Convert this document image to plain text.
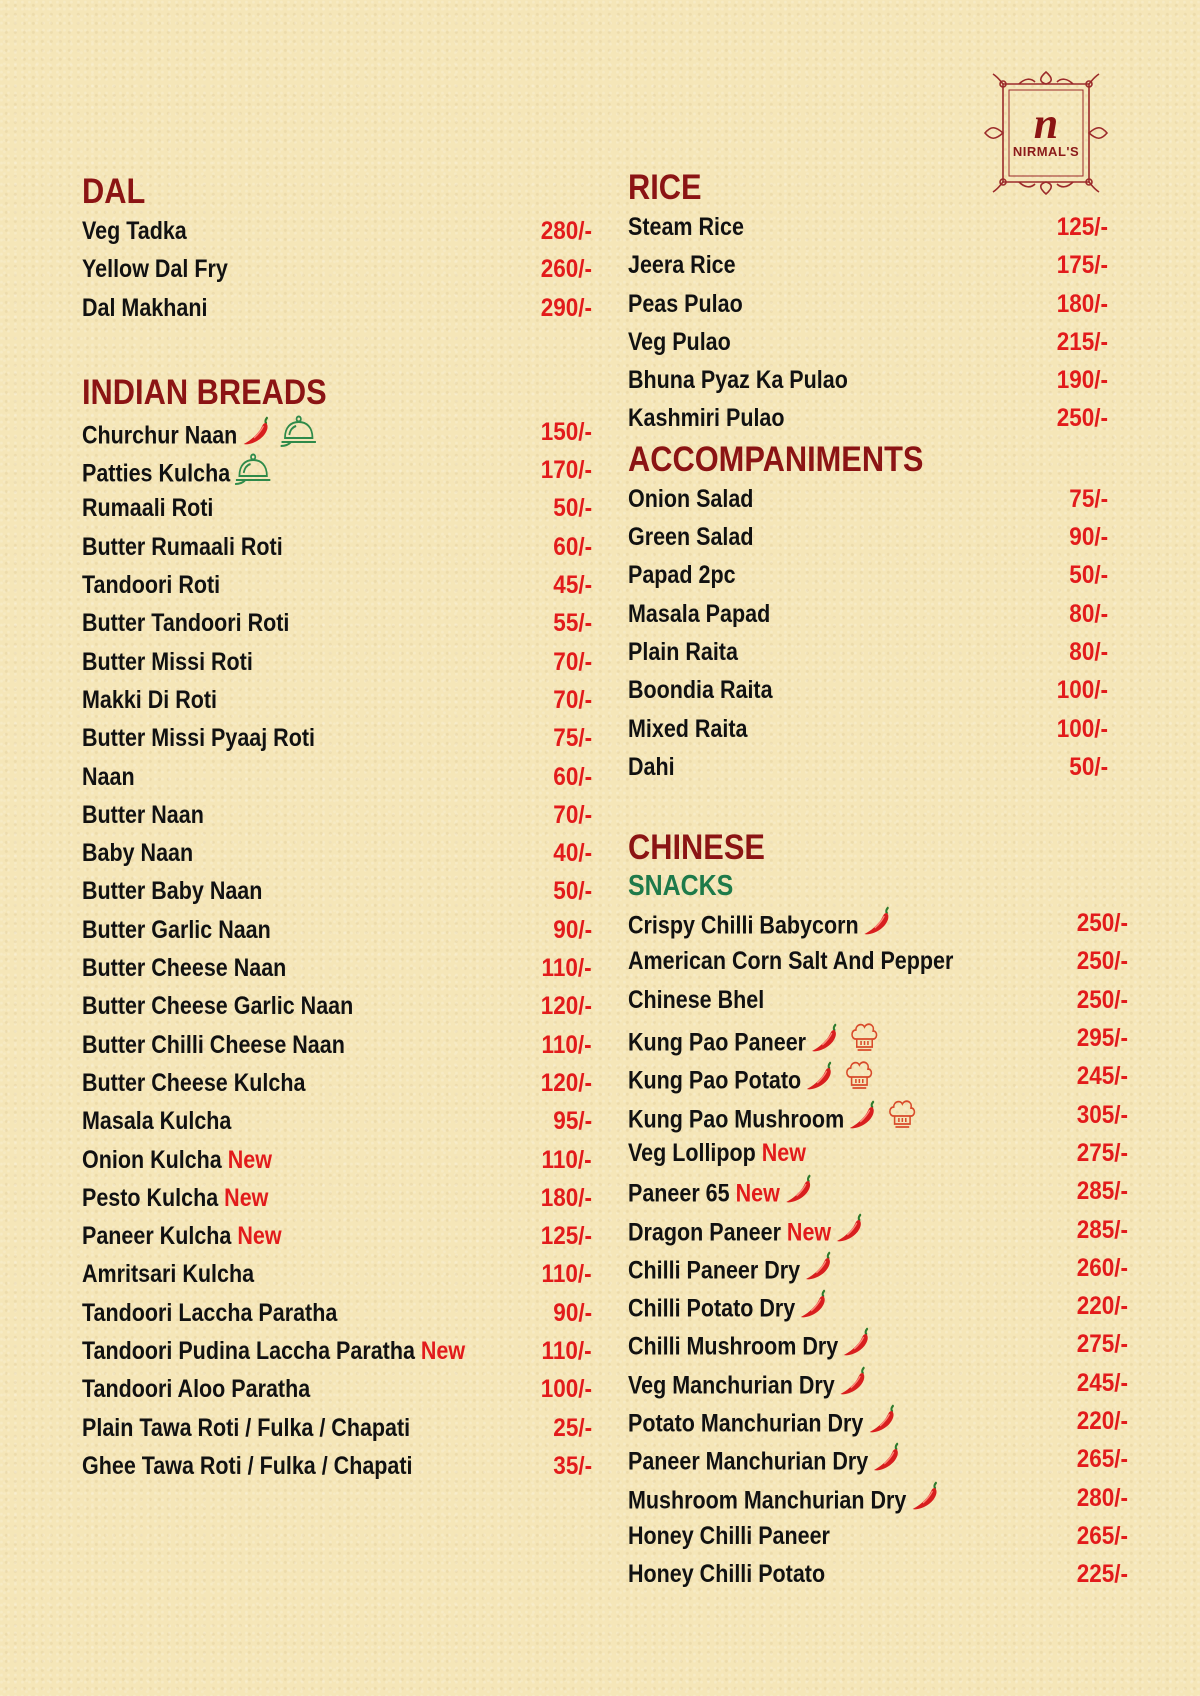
n
NIRMAL'S
DAL
Veg Tadka	280/-
Yellow Dal Fry	260/-
Dal Makhani	290/-
INDIAN BREADS
Churchur Naan	150/-
Patties Kulcha	170/-
Rumaali Roti	50/-
Butter Rumaali Roti	60/-
Tandoori Roti	45/-
Butter Tandoori Roti	55/-
Butter Missi Roti	70/-
Makki Di Roti	70/-
Butter Missi Pyaaj Roti	75/-
Naan	60/-
Butter Naan	70/-
Baby Naan	40/-
Butter Baby Naan	50/-
Butter Garlic Naan	90/-
Butter Cheese Naan	110/-
Butter Cheese Garlic Naan	120/-
Butter Chilli Cheese Naan	110/-
Butter Cheese Kulcha	120/-
Masala Kulcha	95/-
Onion Kulcha New	110/-
Pesto Kulcha New	180/-
Paneer Kulcha New	125/-
Amritsari Kulcha	110/-
Tandoori Laccha Paratha	90/-
Tandoori Pudina Laccha Paratha New	110/-
Tandoori Aloo Paratha	100/-
Plain Tawa Roti / Fulka / Chapati	25/-
Ghee Tawa Roti / Fulka / Chapati	35/-
RICE
Steam Rice	125/-
Jeera Rice	175/-
Peas Pulao	180/-
Veg Pulao	215/-
Bhuna Pyaz Ka Pulao	190/-
Kashmiri Pulao	250/-
ACCOMPANIMENTS
Onion Salad	75/-
Green Salad	90/-
Papad 2pc	50/-
Masala Papad	80/-
Plain Raita	80/-
Boondia Raita	100/-
Mixed Raita	100/-
Dahi	50/-
CHINESE
SNACKS
Crispy Chilli Babycorn	250/-
American Corn Salt And Pepper	250/-
Chinese Bhel	250/-
Kung Pao Paneer	295/-
Kung Pao Potato	245/-
Kung Pao Mushroom	305/-
Veg Lollipop New	275/-
Paneer 65 New	285/-
Dragon Paneer New	285/-
Chilli Paneer Dry	260/-
Chilli Potato Dry	220/-
Chilli Mushroom Dry	275/-
Veg Manchurian Dry	245/-
Potato Manchurian Dry	220/-
Paneer Manchurian Dry	265/-
Mushroom Manchurian Dry	280/-
Honey Chilli Paneer	265/-
Honey Chilli Potato	225/-
